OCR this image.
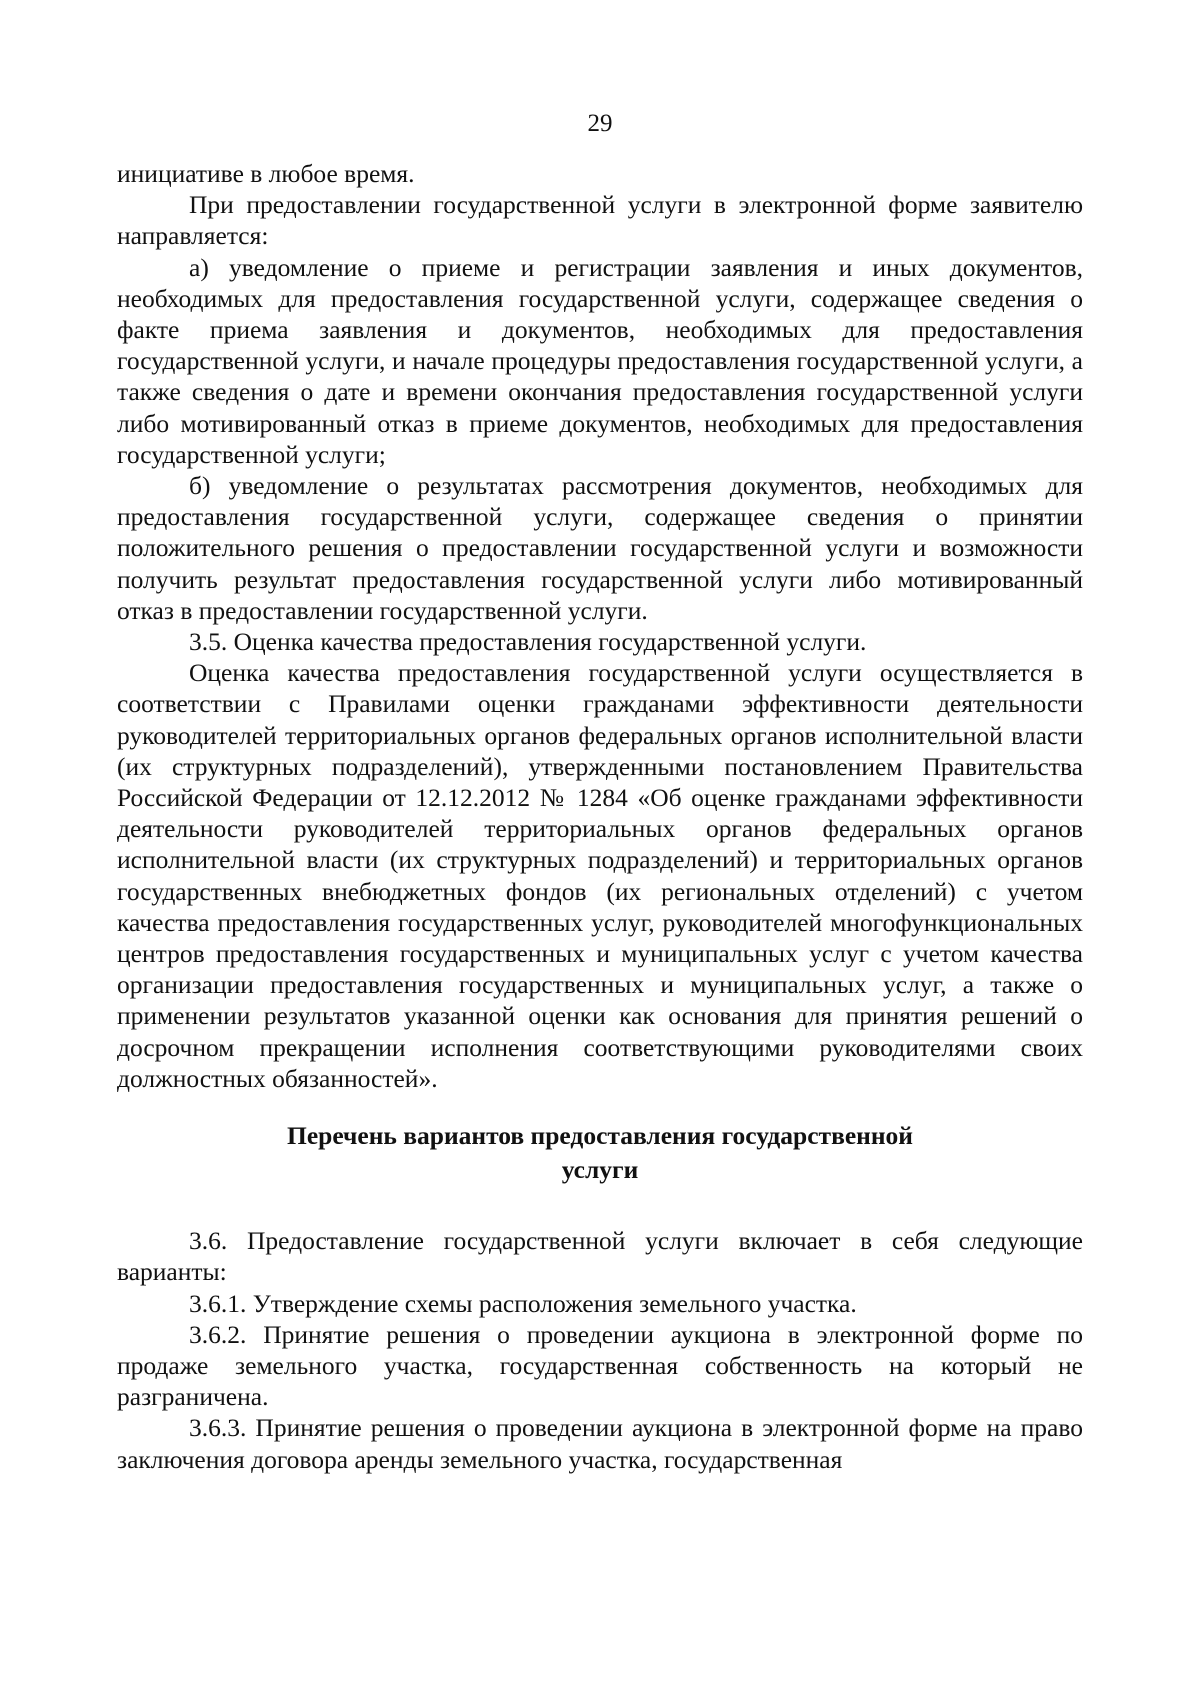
29

инициативе в любое время.

При предоставлении государственной услуги в электронной форме заявителю направляется:

а) уведомление о приеме и регистрации заявления и иных документов, необходимых для предоставления государственной услуги, содержащее сведения о факте приема заявления и документов, необходимых для предоставления государственной услуги, и начале процедуры предоставления государственной услуги, а также сведения о дате и времени окончания предоставления государственной услуги либо мотивированный отказ в приеме документов, необходимых для предоставления государственной услуги;

б) уведомление о результатах рассмотрения документов, необходимых для предоставления государственной услуги, содержащее сведения о принятии положительного решения о предоставлении государственной услуги и возможности получить результат предоставления государственной услуги либо мотивированный отказ в предоставлении государственной услуги.

3.5. Оценка качества предоставления государственной услуги.

Оценка качества предоставления государственной услуги осуществляется в соответствии с Правилами оценки гражданами эффективности деятельности руководителей территориальных органов федеральных органов исполнительной власти (их структурных подразделений), утвержденными постановлением Правительства Российской Федерации от 12.12.2012 № 1284 «Об оценке гражданами эффективности деятельности руководителей территориальных органов федеральных органов исполнительной власти (их структурных подразделений) и территориальных органов государственных внебюджетных фондов (их региональных отделений) с учетом качества предоставления государственных услуг, руководителей многофункциональных центров предоставления государственных и муниципальных услуг с учетом качества организации предоставления государственных и муниципальных услуг, а также о применении результатов указанной оценки как основания для принятия решений о досрочном прекращении исполнения соответствующими руководителями своих должностных обязанностей».

Перечень вариантов предоставления государственной
услуги

3.6. Предоставление государственной услуги включает в себя следующие варианты:

3.6.1. Утверждение схемы расположения земельного участка.

3.6.2. Принятие решения о проведении аукциона в электронной форме по продаже земельного участка, государственная собственность на который не разграничена.

3.6.3. Принятие решения о проведении аукциона в электронной форме на право заключения договора аренды земельного участка, государственная
